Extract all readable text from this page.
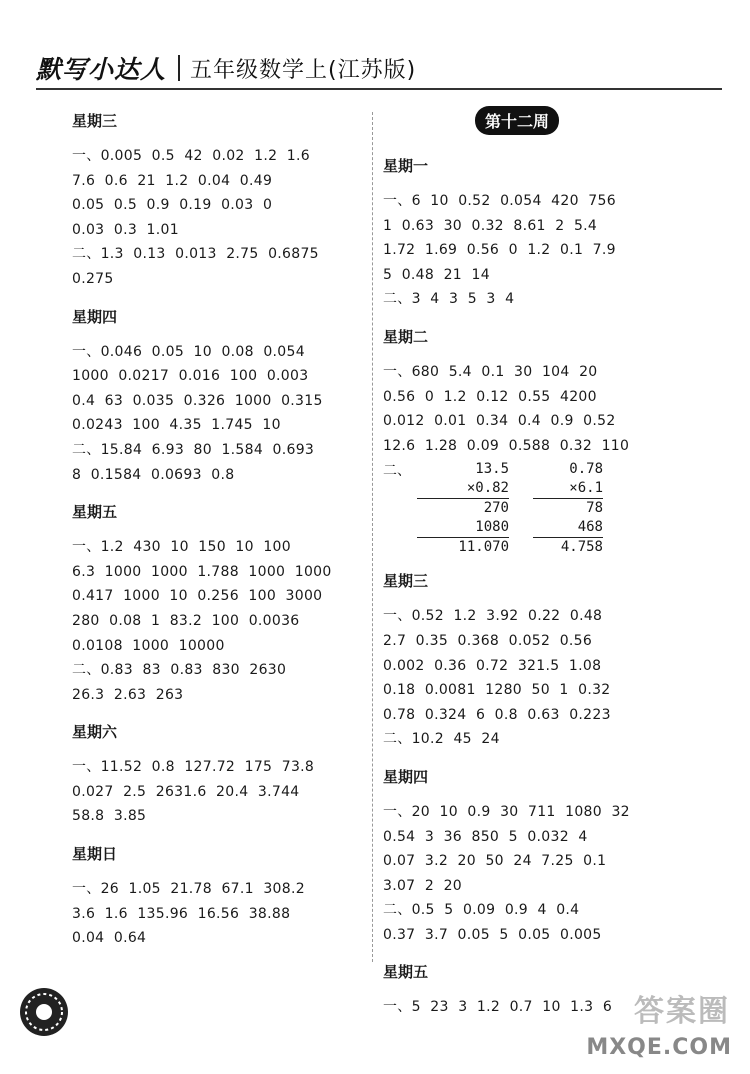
默写小达人 五年级数学上(江苏版)
星期三
一、0.005  0.5  42  0.02  1.2  1.6
7.6  0.6  21  1.2  0.04  0.49
0.05  0.5  0.9  0.19  0.03  0
0.03  0.3  1.01
二、1.3  0.13  0.013  2.75  0.6875
0.275
星期四
一、0.046  0.05  10  0.08  0.054
1000  0.0217  0.016  100  0.003
0.4  63  0.035  0.326  1000  0.315
0.0243  100  4.35  1.745  10
二、15.84  6.93  80  1.584  0.693
8  0.1584  0.0693  0.8
星期五
一、1.2  430  10  150  10  100
6.3  1000  1000  1.788  1000  1000
0.417  1000  10  0.256  100  3000
280  0.08  1  83.2  100  0.0036
0.0108  1000  10000
二、0.83  83  0.83  830  2630
26.3  2.63  263
星期六
一、11.52  0.8  127.72  175  73.8
0.027  2.5  2631.6  20.4  3.744
58.8  3.85
星期日
一、26  1.05  21.78  67.1  308.2
3.6  1.6  135.96  16.56  38.88
0.04  0.64
第十二周
星期一
一、6  10  0.52  0.054  420  756
1  0.63  30  0.32  8.61  2  5.4
1.72  1.69  0.56  0  1.2  0.1  7.9
5  0.48  21  14
二、3  4  3  5  3  4
星期二
一、680  5.4  0.1  30  104  20
0.56  0  1.2  0.12  0.55  4200
0.012  0.01  0.34  0.4  0.9  0.52
12.6  1.28  0.09  0.588  0.32  110
二、	13.5
×0.82
270
1080
11.070
0.78
×6.1
78
468
4.758
星期三
一、0.52  1.2  3.92  0.22  0.48
2.7  0.35  0.368  0.052  0.56
0.002  0.36  0.72  321.5  1.08
0.18  0.0081  1280  50  1  0.32
0.78  0.324  6  0.8  0.63  0.223
二、10.2  45  24
星期四
一、20  10  0.9  30  711  1080  32
0.54  3  36  850  5  0.032  4
0.07  3.2  20  50  24  7.25  0.1
3.07  2  20
二、0.5  5  0.09  0.9  4  0.4
0.37  3.7  0.05  5  0.05  0.005
星期五
一、5  23  3  1.2  0.7  10  1.3  6 答案圈
MXQE.COM
